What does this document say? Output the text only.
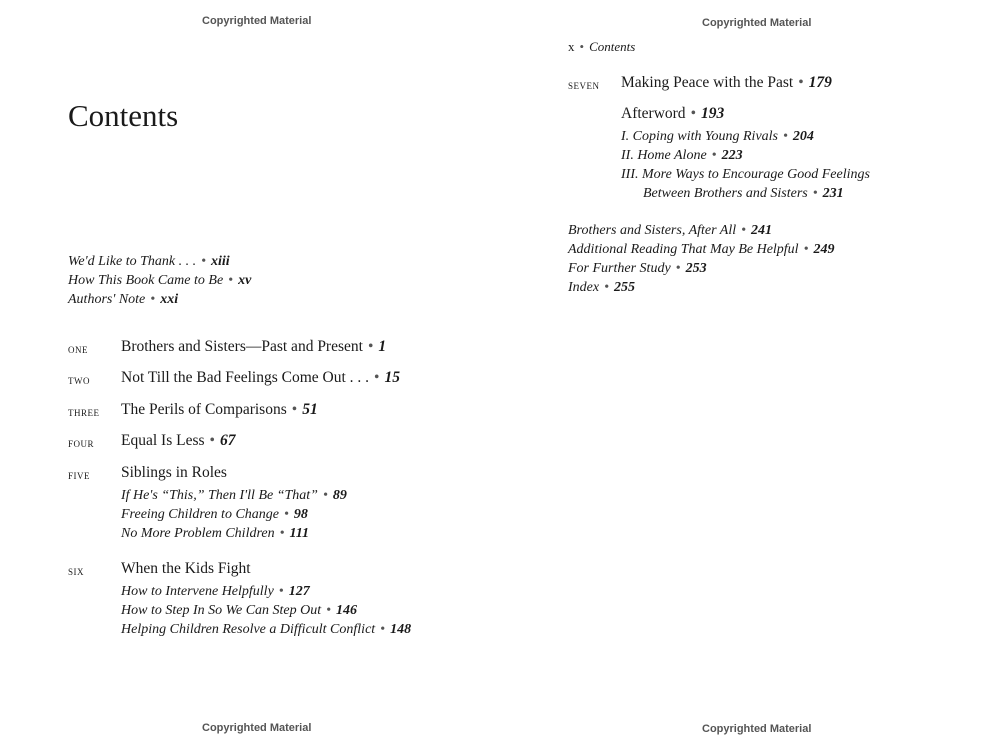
Copyrighted Material
Contents
We'd Like to Thank . . . • xiii
How This Book Came to Be • xv
Authors' Note • xxi
one Brothers and Sisters—Past and Present • 1
two Not Till the Bad Feelings Come Out . . . • 15
three The Perils of Comparisons • 51
four Equal Is Less • 67
five Siblings in Roles
If He's “This,” Then I'll Be “That” • 89
Freeing Children to Change • 98
No More Problem Children • 111
six When the Kids Fight
How to Intervene Helpfully • 127
How to Step In So We Can Step Out • 146
Helping Children Resolve a Difficult Conflict • 148
Copyrighted Material
Copyrighted Material
x • Contents
seven Making Peace with the Past • 179
Afterword • 193
I. Coping with Young Rivals • 204
II. Home Alone • 223
III. More Ways to Encourage Good Feelings
Between Brothers and Sisters • 231
Brothers and Sisters, After All • 241
Additional Reading That May Be Helpful • 249
For Further Study • 253
Index • 255
Copyrighted Material
